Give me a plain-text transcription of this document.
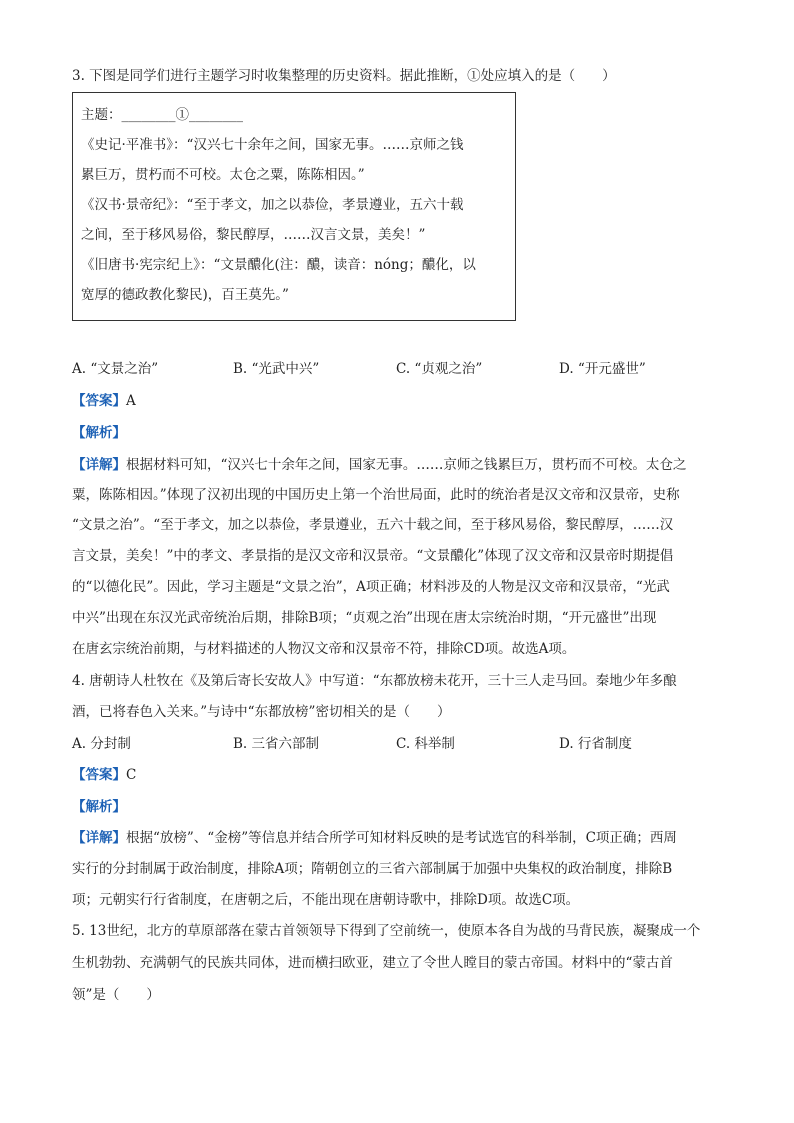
3. 下图是同学们进行主题学习时收集整理的历史资料。据此推断，①处应填入的是（　　）
主题：________①________
《史记·平准书》：“汉兴七十余年之间，国家无事。……京师之钱
累巨万，贯朽而不可校。太仓之粟，陈陈相因。”
《汉书·景帝纪》：“至于孝文，加之以恭俭，孝景遵业，五六十载
之间，至于移风易俗，黎民醇厚，……汉言文景，美矣！”
《旧唐书·宪宗纪上》：“文景醲化(注：醲，读音：nóng；醲化，以
宽厚的德政教化黎民)，百王莫先。”
A. “文景之治”	B. “光武中兴”	C. “贞观之治”	D. “开元盛世”
【答案】A
【解析】
【详解】根据材料可知，“汉兴七十余年之间，国家无事。……京师之钱累巨万，贯朽而不可校。太仓之
粟，陈陈相因。”体现了汉初出现的中国历史上第一个治世局面，此时的统治者是汉文帝和汉景帝，史称
“文景之治”。“至于孝文，加之以恭俭，孝景遵业，五六十载之间，至于移风易俗，黎民醇厚，……汉
言文景，美矣！”中的孝文、孝景指的是汉文帝和汉景帝。“文景醲化”体现了汉文帝和汉景帝时期提倡
的“以德化民”。因此，学习主题是“文景之治”，A项正确；材料涉及的人物是汉文帝和汉景帝，“光武
中兴”出现在东汉光武帝统治后期，排除B项；“贞观之治”出现在唐太宗统治时期，“开元盛世”出现
在唐玄宗统治前期，与材料描述的人物汉文帝和汉景帝不符，排除CD项。故选A项。
4. 唐朝诗人杜牧在《及第后寄长安故人》中写道：“东都放榜未花开，三十三人走马回。秦地少年多酿
酒，已将春色入关来。”与诗中“东都放榜”密切相关的是（　　）
A. 分封制	B. 三省六部制	C. 科举制	D. 行省制度
【答案】C
【解析】
【详解】根据“放榜”、“金榜”等信息并结合所学可知材料反映的是考试选官的科举制，C项正确；西周
实行的分封制属于政治制度，排除A项；隋朝创立的三省六部制属于加强中央集权的政治制度，排除B
项；元朝实行行省制度，在唐朝之后，不能出现在唐朝诗歌中，排除D项。故选C项。
5. 13世纪，北方的草原部落在蒙古首领领导下得到了空前统一，使原本各自为战的马背民族，凝聚成一个
生机勃勃、充满朝气的民族共同体，进而横扫欧亚，建立了令世人瞠目的蒙古帝国。材料中的“蒙古首
领”是（　　）
